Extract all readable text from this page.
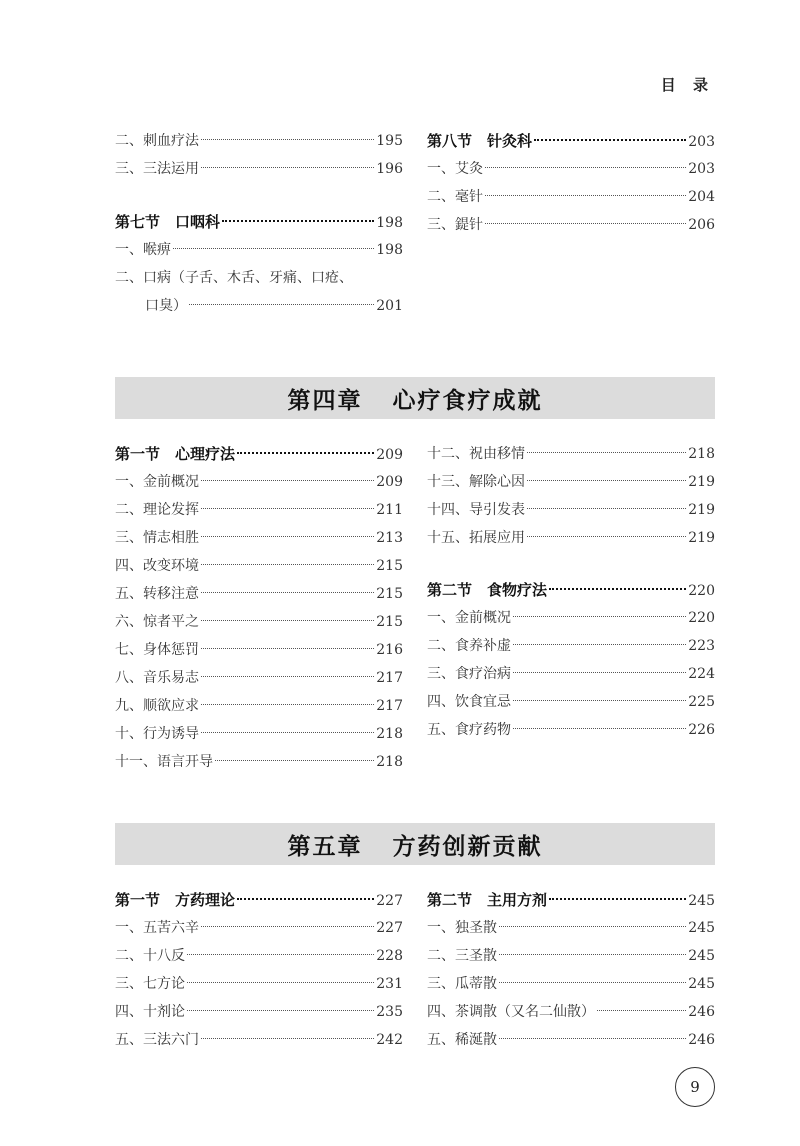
目 录
二、刺血疗法	195
三、三法运用	196
第七节　口咽科	198
一、喉痹	198
二、口病（子舌、木舌、牙痛、口疮、
口臭）	201
第八节　针灸科	203
一、艾灸	203
二、毫针	204
三、鍉针	206
第四章 心疗食疗成就
第一节　心理疗法	209
一、金前概况	209
二、理论发挥	211
三、情志相胜	213
四、改变环境	215
五、转移注意	215
六、惊者平之	215
七、身体惩罚	216
八、音乐易志	217
九、顺欲应求	217
十、行为诱导	218
十一、语言开导	218
十二、祝由移情	218
十三、解除心因	219
十四、导引发表	219
十五、拓展应用	219
第二节　食物疗法	220
一、金前概况	220
二、食养补虚	223
三、食疗治病	224
四、饮食宜忌	225
五、食疗药物	226
第五章 方药创新贡献
第一节　方药理论	227
一、五苦六辛	227
二、十八反	228
三、七方论	231
四、十剂论	235
五、三法六门	242
第二节　主用方剂	245
一、独圣散	245
二、三圣散	245
三、瓜蒂散	245
四、茶调散（又名二仙散）	246
五、稀涎散	246
9
